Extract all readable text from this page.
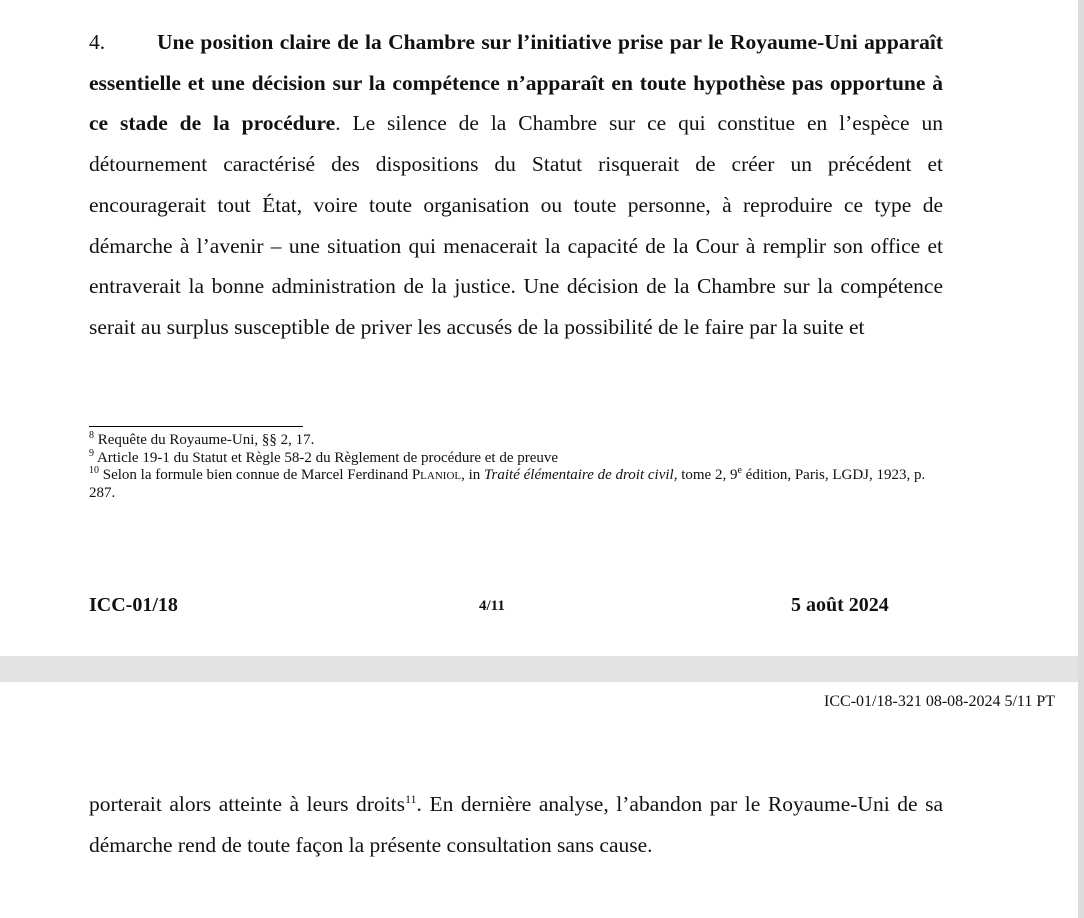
4. Une position claire de la Chambre sur l’initiative prise par le Royaume-Uni apparaît essentielle et une décision sur la compétence n’apparaît en toute hypothèse pas opportune à ce stade de la procédure. Le silence de la Chambre sur ce qui constitue en l’espèce un détournement caractérisé des dispositions du Statut risquerait de créer un précédent et encouragerait tout État, voire toute organisation ou toute personne, à reproduire ce type de démarche à l’avenir – une situation qui menacerait la capacité de la Cour à remplir son office et entraverait la bonne administration de la justice. Une décision de la Chambre sur la compétence serait au surplus susceptible de priver les accusés de la possibilité de le faire par la suite et

$^8$ Requête du Royaume-Uni, §§ 2, 17.

$^9$ Article 19-1 du Statut et Règle 58-2 du Règlement de procédure et de preuve

$^{10}$ Selon la formule bien connue de Marcel Ferdinand Planiol, in Traité élémentaire de droit civil, tome 2, 9e édition, Paris, LGDJ, 1923, p. 287.

ICC-01/18	4/11	5 août 2024
ICC-01/18-321 08-08-2024 5/11 PT

porterait alors atteinte à leurs droits$^{11}$. En dernière analyse, l’abandon par le Royaume-Uni de sa démarche rend de toute façon la présente consultation sans cause.
